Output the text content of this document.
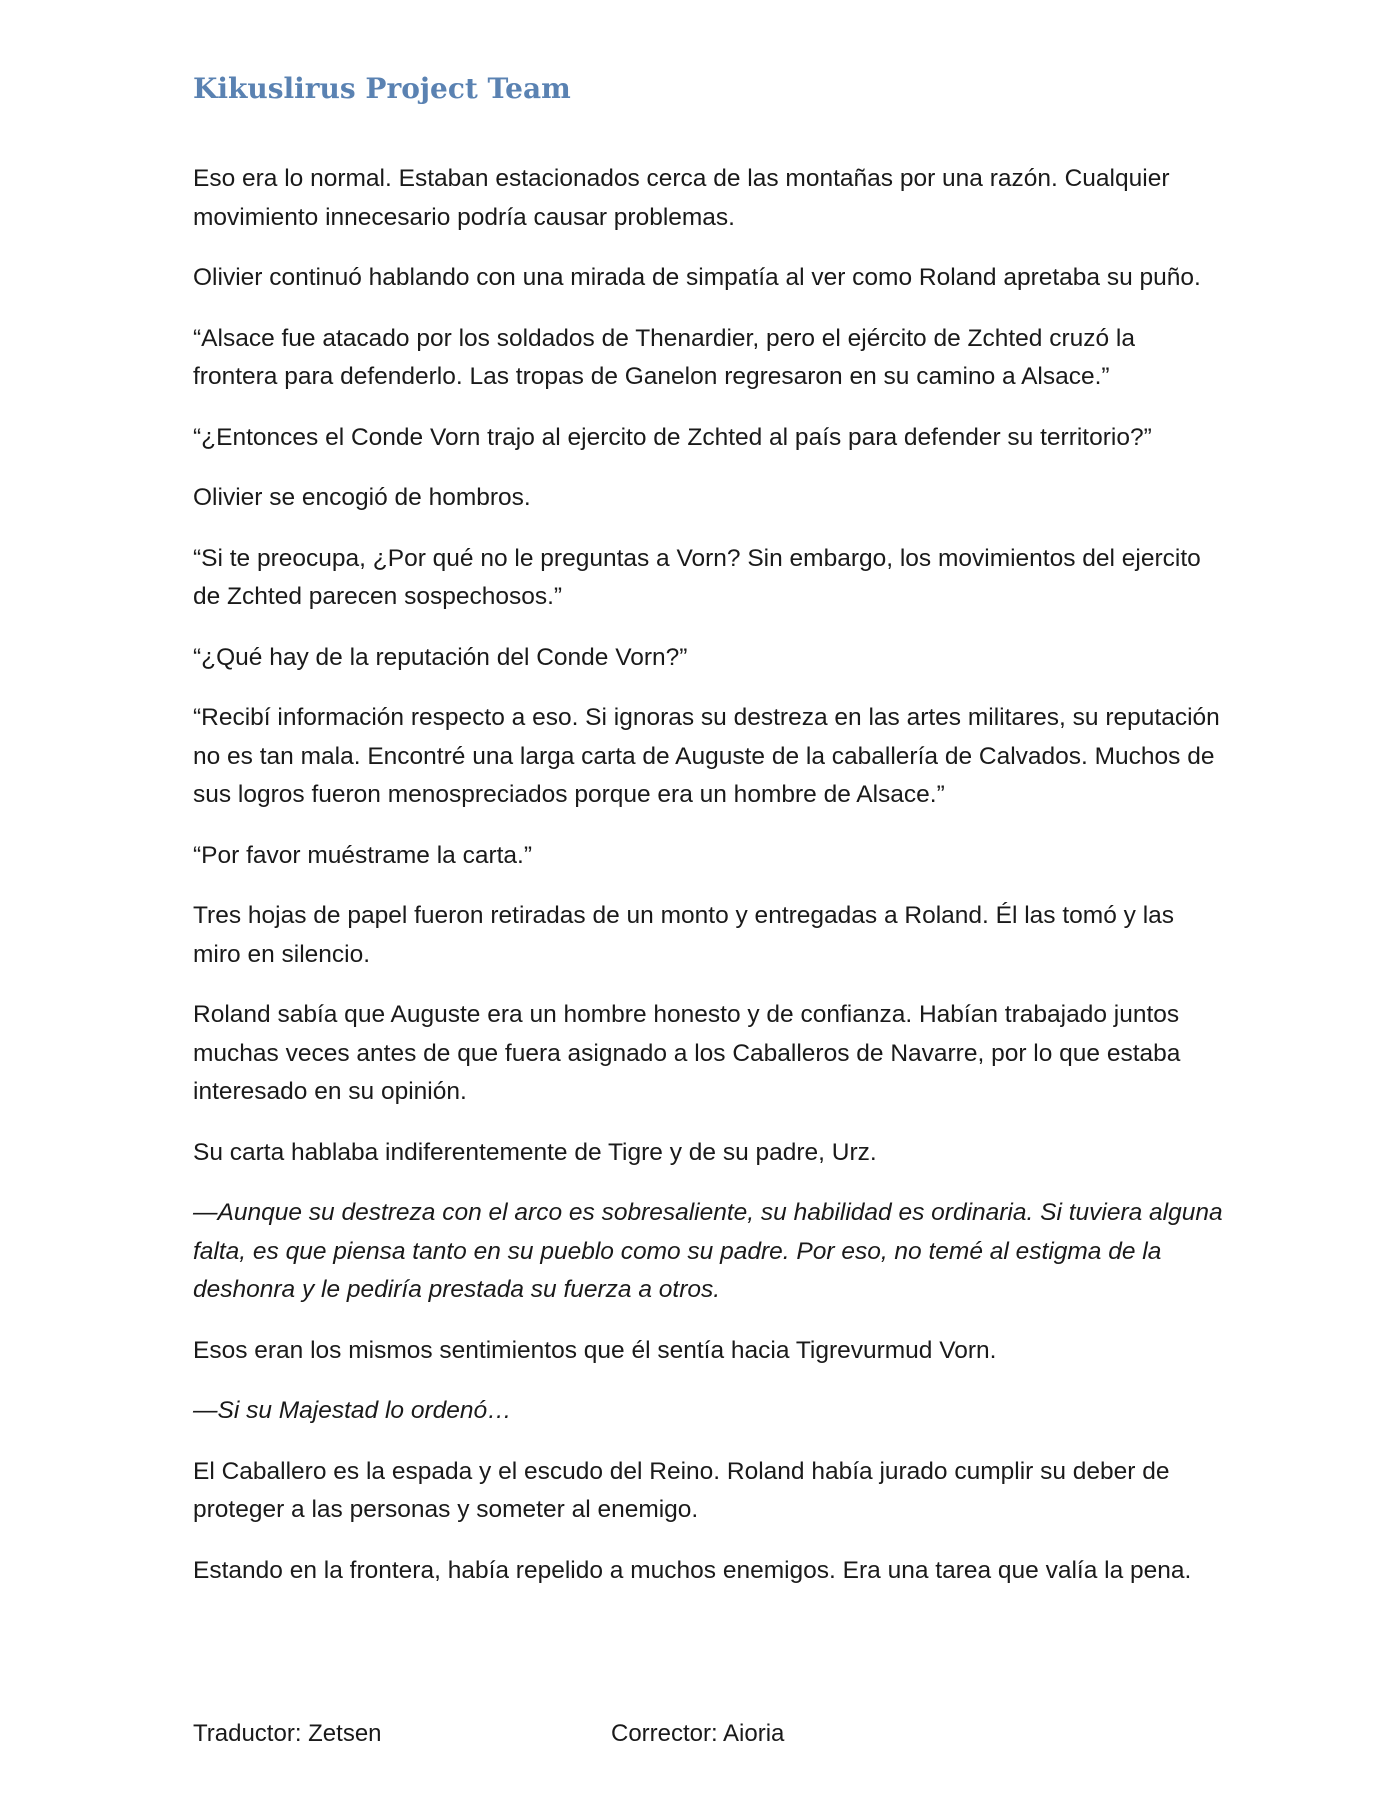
Kikuslirus Project Team

Eso era lo normal. Estaban estacionados cerca de las montañas por una razón. Cualquier movimiento innecesario podría causar problemas.

Olivier continuó hablando con una mirada de simpatía al ver como Roland apretaba su puño.

“Alsace fue atacado por los soldados de Thenardier, pero el ejército de Zchted cruzó la frontera para defenderlo. Las tropas de Ganelon regresaron en su camino a Alsace.”

“¿Entonces el Conde Vorn trajo al ejercito de Zchted al país para defender su territorio?”

Olivier se encogió de hombros.

“Si te preocupa, ¿Por qué no le preguntas a Vorn? Sin embargo, los movimientos del ejercito de Zchted parecen sospechosos.”

“¿Qué hay de la reputación del Conde Vorn?”

“Recibí información respecto a eso. Si ignoras su destreza en las artes militares, su reputación no es tan mala. Encontré una larga carta de Auguste de la caballería de Calvados. Muchos de sus logros fueron menospreciados porque era un hombre de Alsace.”

“Por favor muéstrame la carta.”

Tres hojas de papel fueron retiradas de un monto y entregadas a Roland. Él las tomó y las miro en silencio.

Roland sabía que Auguste era un hombre honesto y de confianza. Habían trabajado juntos muchas veces antes de que fuera asignado a los Caballeros de Navarre, por lo que estaba interesado en su opinión.

Su carta hablaba indiferentemente de Tigre y de su padre, Urz.

—Aunque su destreza con el arco es sobresaliente, su habilidad es ordinaria. Si tuviera alguna falta, es que piensa tanto en su pueblo como su padre. Por eso, no temé al estigma de la deshonra y le pediría prestada su fuerza a otros.

Esos eran los mismos sentimientos que él sentía hacia Tigrevurmud Vorn.

—Si su Majestad lo ordenó…

El Caballero es la espada y el escudo del Reino. Roland había jurado cumplir su deber de proteger a las personas y someter al enemigo.

Estando en la frontera, había repelido a muchos enemigos. Era una tarea que valía la pena.

Traductor: Zetsen	Corrector: Aioria
